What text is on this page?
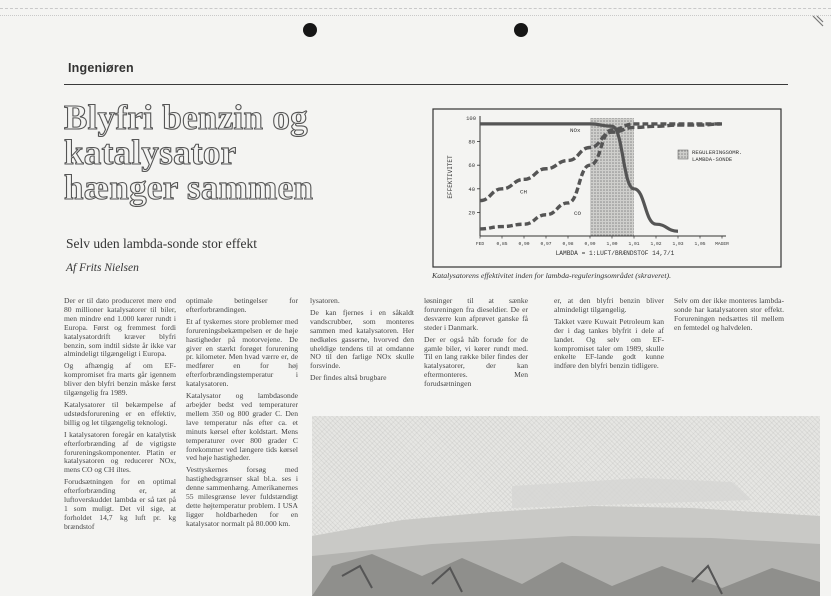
Ingeniøren
Blyfri benzin og
katalysator
hænger sammen
Selv uden lambda-sonde stor effekt
Af Frits Nielsen
100
20
40
60
80
FED	0,85 0,90 0,97 0,98 0,99 1,00 1,01 1,02 1,03 1,05 MAGER
LAMBDA = 1:LUFT/BRÆNDSTOF 14,7/1
EFFEKTIVITET
NOx
CH
CO
REGULERINGSOMR.
LAMBDA-SONDE
Katalysatorens effektivitet inden for lambda-reguleringsområdet (skraveret).

Der er til dato produceret mere end 80 millioner katalysatorer til biler, men mindre end 1.000 kører rundt i Europa. Først og fremmest fordi katalysatordrift kræver blyfri benzin, som indtil sidste år ikke var almindeligt tilgængeligt i Europa.

Og afhængig af om EF-kompromiset fra marts går igennem bliver den blyfri benzin måske først tilgængelig fra 1989.

Katalysatorer til bekæmpelse af udstødsforurening er en effektiv, billig og let tilgængelig teknologi.

I katalysatoren foregår en katalytisk efterforbrænding af de vigtigste forureningskomponenter. Platin er katalysatoren og reducerer NOx, mens CO og CH iltes.

Forudsætningen for en optimal efterforbrænding er, at luftoverskuddet lambda er så tæt på 1 som muligt. Det vil sige, at forholdet 14,7 kg luft pr. kg brændstof

optimale betingelser for efterforbrændingen.

Et af tyskernes store problemer med forureningsbekæmpelsen er de høje hastigheder på motorvejene. De giver en stærkt forøget forurening pr. kilometer. Men hvad værre er, de medfører en for høj efterforbrændingstemperatur i katalysatoren.

Katalysator og lambdasonde arbejder bedst ved temperaturer mellem 350 og 800 grader C. Den lave temperatur nås efter ca. et minuts kørsel efter koldstart. Mens temperaturer over 800 grader C forekommer ved længere tids kørsel ved høje hastigheder.

Vesttyskernes forsøg med hastighedsgrænser skal bl.a. ses i denne sammenhæng. Amerikanernes 55 milesgrænse lever fuldstændigt dette højtemperatur problem. I USA ligger holdbarheden for en katalysator normalt på 80.000 km.

lysatoren.

De kan fjernes i en såkaldt vandscrubber, som monteres sammen med katalysatoren. Her nedkøles gasserne, hvorved den uheldige tendens til at omdanne NO til den farlige NOx skulle forsvinde.

Der findes altså brugbare

løsninger til at sænke forureningen fra dieseldier. De er desværre kun afprøvet ganske få steder i Danmark.

Der er også håb forude for de gamle biler, vi kører rundt med. Til en lang række biler findes der katalysatorer, der kan eftermonteres. Men forudsætningen

er, at den blyfri benzin bliver almindeligt tilgængelig.

Takket være Kuwait Petroleum kan der i dag tankes blyfrit i dele af landet. Og selv om EF-kompromiset taler om 1989, skulle enkelte EF-lande godt kunne indføre den blyfri benzin tidligere.

Selv om der ikke monteres lambda-sonde har katalysatoren stor effekt. Forureningen nedsættes til mellem en femtedel og halvdelen.
